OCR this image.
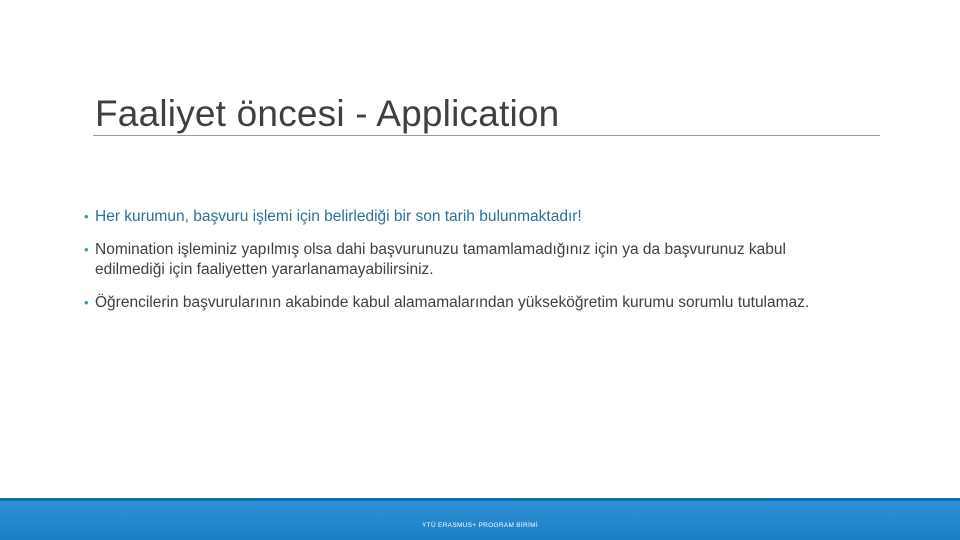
Faaliyet öncesi - Application
• Her kurumun, başvuru işlemi için belirlediği bir son tarih bulunmaktadır!
• Nomination işleminiz yapılmış olsa dahi başvurunuzu tamamlamadığınız için ya da başvurunuz kabul edilmediği için faaliyetten yararlanamayabilirsiniz.
• Öğrencilerin başvurularının akabinde kabul alamamalarından yükseköğretim kurumu sorumlu tutulamaz.
YTÜ ERASMUS+ PROGRAM BİRİMİ
